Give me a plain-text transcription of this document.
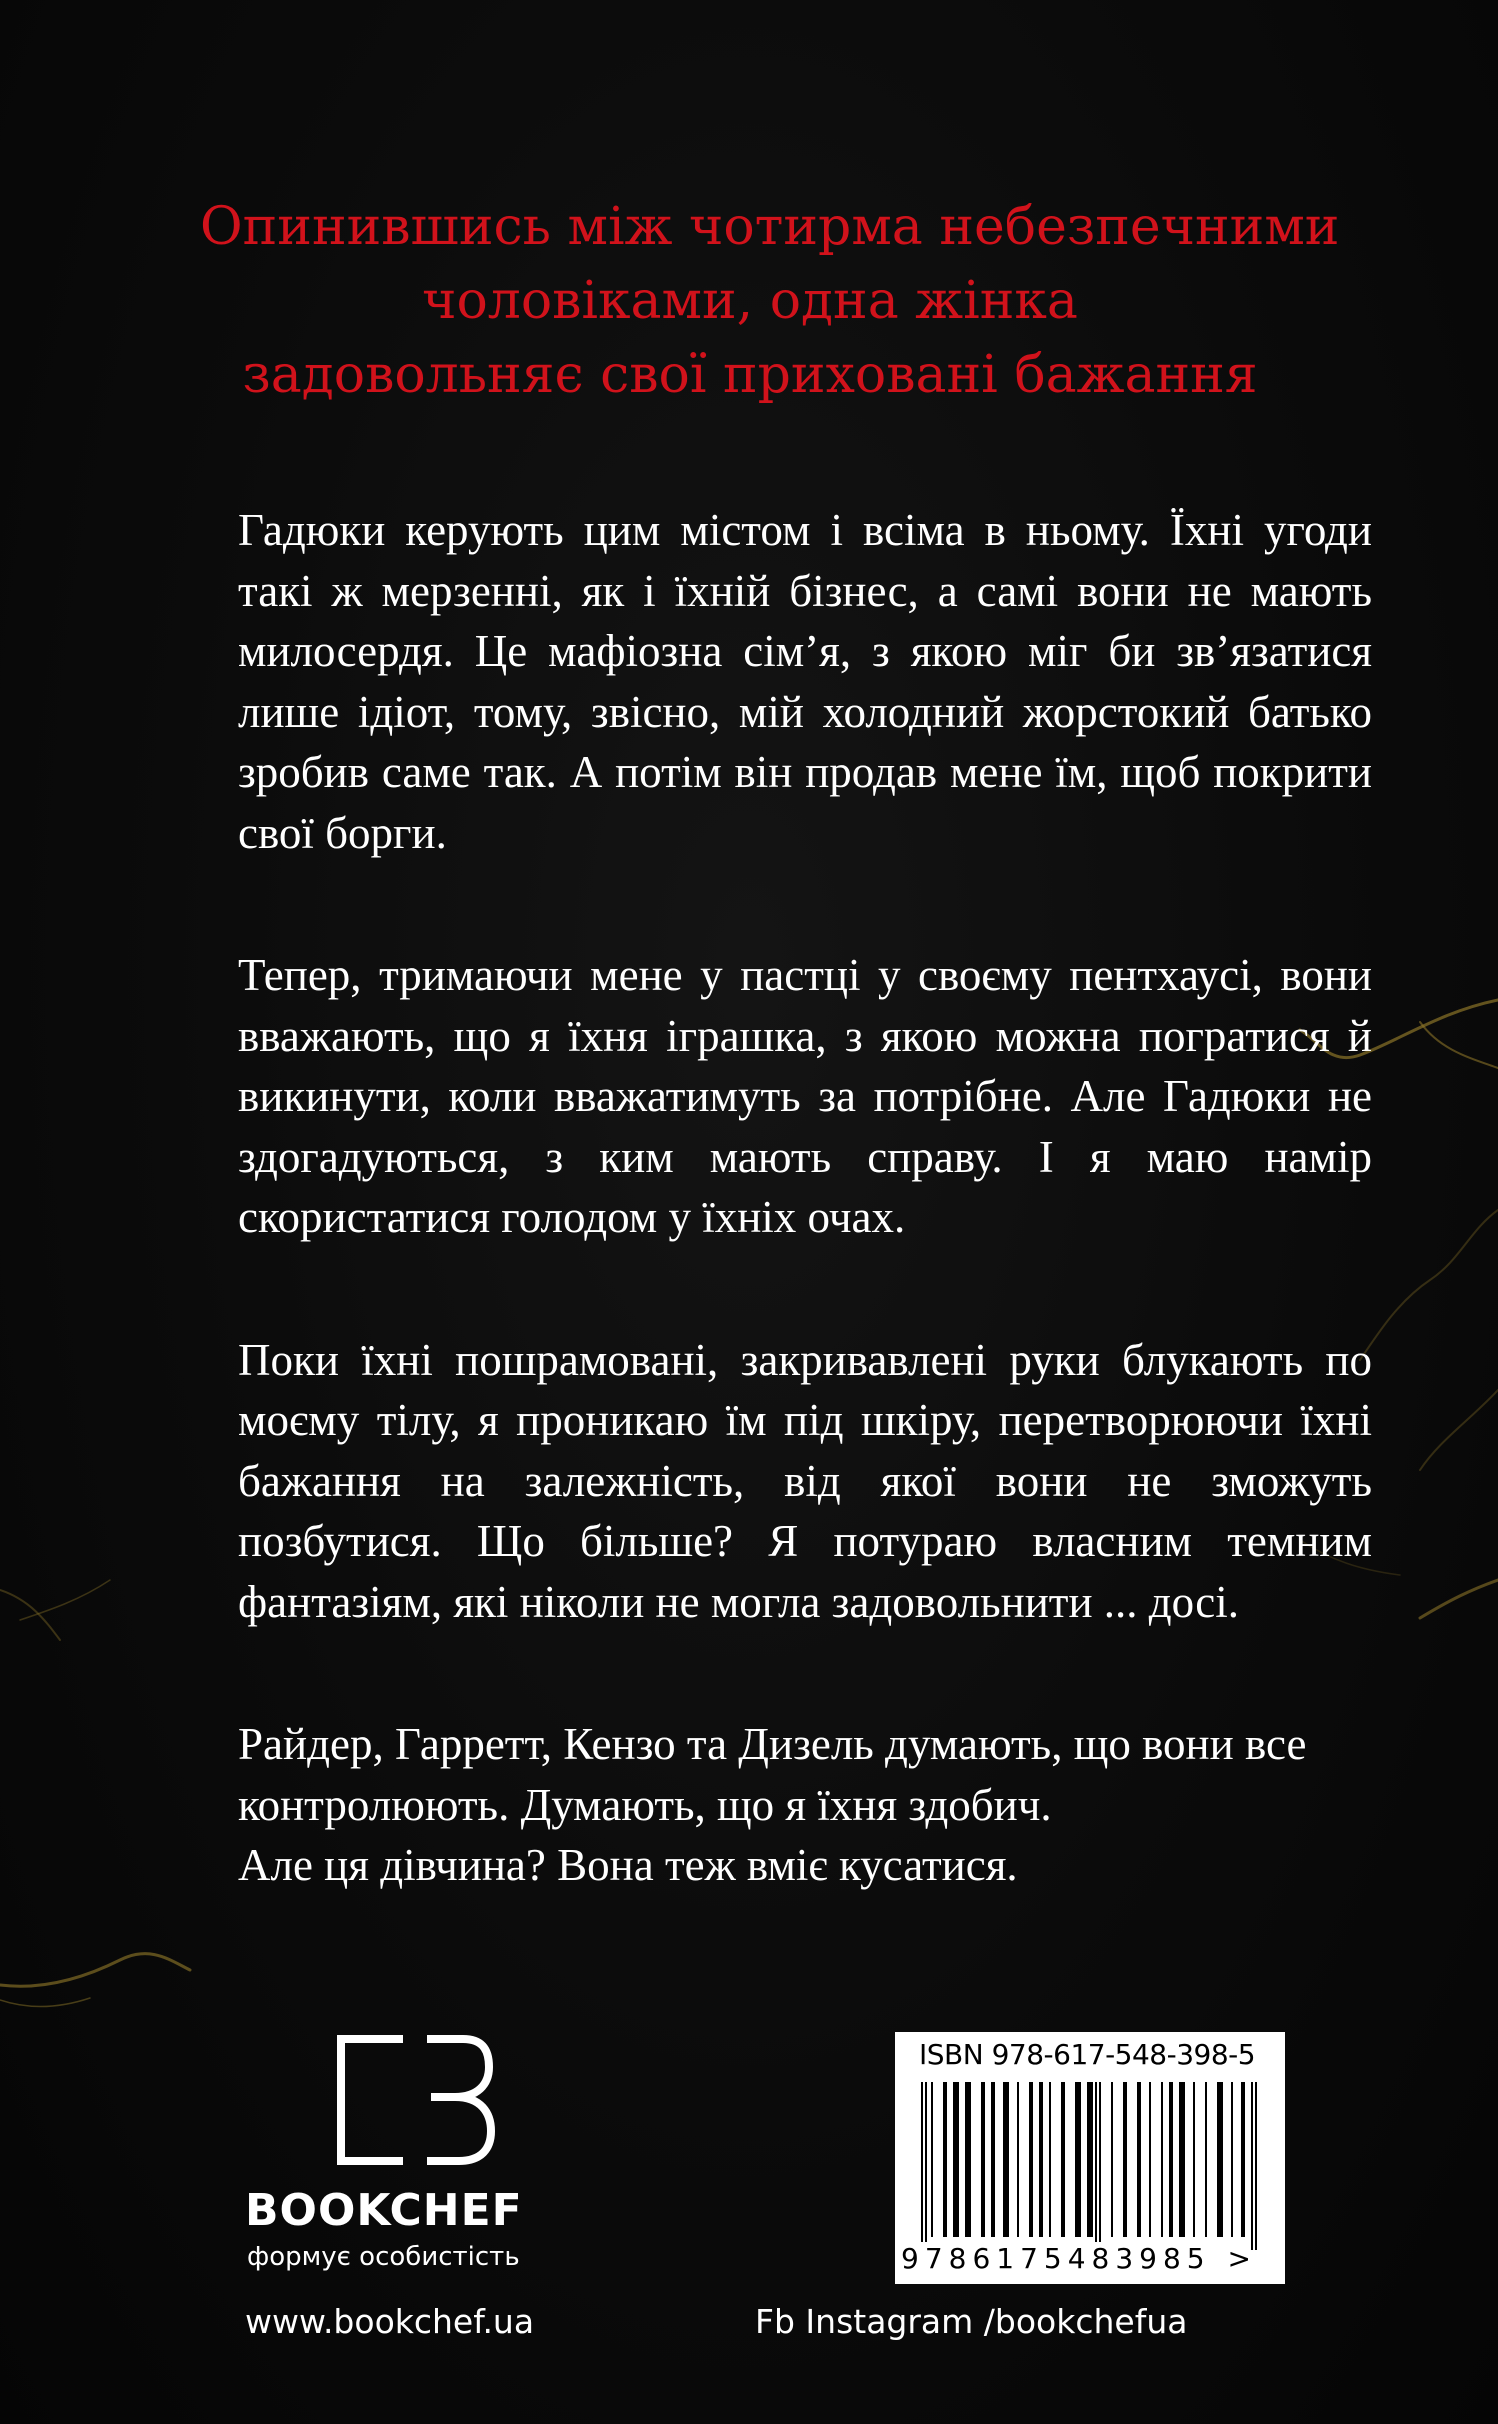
Опинившись між чотирма небезпечними
чоловіками, одна жінка
задовольняє свої приховані бажання

Гадюки керують цим містом і всіма в ньому. Їхні угоди такі ж мерзенні, як і їхній бізнес, а самі вони не мають милосердя. Це мафіозна сім’я, з якою міг би зв’язатися лише ідіот, тому, звісно, мій холодний жорстокий батько зробив саме так. А потім він продав мене їм, щоб покрити свої борги.

Тепер, тримаючи мене у пастці у своєму пентхаусі, вони вважають, що я їхня іграшка, з якою можна погратися й викинути, коли вважатимуть за потрібне. Але Гадюки не здогадуються, з ким мають справу. І я маю намір скористатися голодом у їхніх очах.

Поки їхні пошрамовані, закривавлені руки блукають по моєму тілу, я проникаю їм під шкіру, перетворюючи їхні бажання на залежність, від якої вони не зможуть позбутися. Що більше? Я потураю власним темним фантазіям, які ніколи не могла задовольнити ... досі.

Райдер, Гарретт, Кензо та Дизель думають, що вони все контролюють. Думають, що я їхня здобич.
Але ця дівчина? Вона теж вміє кусатися.

BOOKCHEF
формує особистість
www.bookchef.ua
ISBN 978-617-548-398-5
9786175483985 >
Fb Instagram /bookchefua
